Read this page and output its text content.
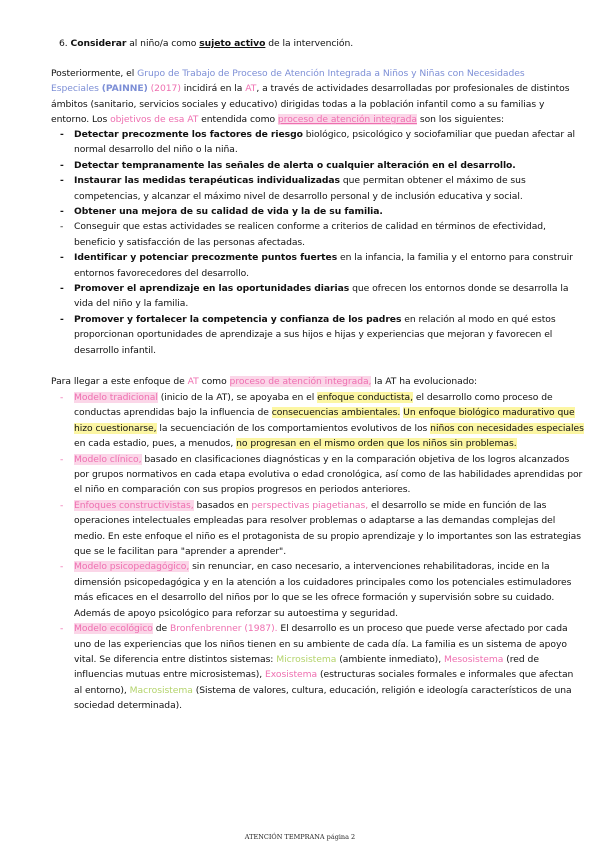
6. Considerar al niño/a como sujeto activo de la intervención.
Posteriormente, el Grupo de Trabajo de Proceso de Atención Integrada a Niños y Niñas con Necesidades Especiales (PAINNE) (2017) incidirá en la AT, a través de actividades desarrolladas por profesionales de distintos ámbitos (sanitario, servicios sociales y educativo) dirigidas todas a la población infantil como a su familias y entorno. Los objetivos de esa AT entendida como proceso de atención integrada son los siguientes:
- Detectar precozmente los factores de riesgo biológico, psicológico y sociofamiliar que puedan afectar al normal desarrollo del niño o la niña.
- Detectar tempranamente las señales de alerta o cualquier alteración en el desarrollo.
- Instaurar las medidas terapéuticas individualizadas que permitan obtener el máximo de sus competencias, y alcanzar el máximo nivel de desarrollo personal y de inclusión educativa y social.
- Obtener una mejora de su calidad de vida y la de su familia.
- Conseguir que estas actividades se realicen conforme a criterios de calidad en términos de efectividad, beneficio y satisfacción de las personas afectadas.
- Identificar y potenciar precozmente puntos fuertes en la infancia, la familia y el entorno para construir entornos favorecedores del desarrollo.
- Promover el aprendizaje en las oportunidades diarias que ofrecen los entornos donde se desarrolla la vida del niño y la familia.
- Promover y fortalecer la competencia y confianza de los padres en relación al modo en qué estos proporcionan oportunidades de aprendizaje a sus hijos e hijas y experiencias que mejoran y favorecen el desarrollo infantil.
Para llegar a este enfoque de AT como proceso de atención integrada, la AT ha evolucionado:
- Modelo tradicional (inicio de la AT), se apoyaba en el enfoque conductista, el desarrollo como proceso de conductas aprendidas bajo la influencia de consecuencias ambientales. Un enfoque biológico madurativo que hizo cuestionarse, la secuenciación de los comportamientos evolutivos de los niños con necesidades especiales en cada estadio, pues, a menudos, no progresan en el mismo orden que los niños sin problemas.
- Modelo clínico, basado en clasificaciones diagnósticas y en la comparación objetiva de los logros alcanzados por grupos normativos en cada etapa evolutiva o edad cronológica, así como de las habilidades aprendidas por el niño en comparación con sus propios progresos en periodos anteriores.
- Enfoques constructivistas, basados en perspectivas piagetianas, el desarrollo se mide en función de las operaciones intelectuales empleadas para resolver problemas o adaptarse a las demandas complejas del medio. En este enfoque el niño es el protagonista de su propio aprendizaje y lo importantes son las estrategias que se le facilitan para "aprender a aprender".
- Modelo psicopedagógico, sin renunciar, en caso necesario, a intervenciones rehabilitadoras, incide en la dimensión psicopedagógica y en la atención a los cuidadores principales como los potenciales estimuladores más eficaces en el desarrollo del niños por lo que se les ofrece formación y supervisión sobre su cuidado. Además de apoyo psicológico para reforzar su autoestima y seguridad.
- Modelo ecológico de Bronfenbrenner (1987). El desarrollo es un proceso que puede verse afectado por cada uno de las experiencias que los niños tienen en su ambiente de cada día. La familia es un sistema de apoyo vital. Se diferencia entre distintos sistemas: Microsistema (ambiente inmediato), Mesosistema (red de influencias mutuas entre microsistemas), Exosistema (estructuras sociales formales e informales que afectan al entorno), Macrosistema (Sistema de valores, cultura, educación, religión e ideología característicos de una sociedad determinada).
ATENCIÓN TEMPRANA página 2
